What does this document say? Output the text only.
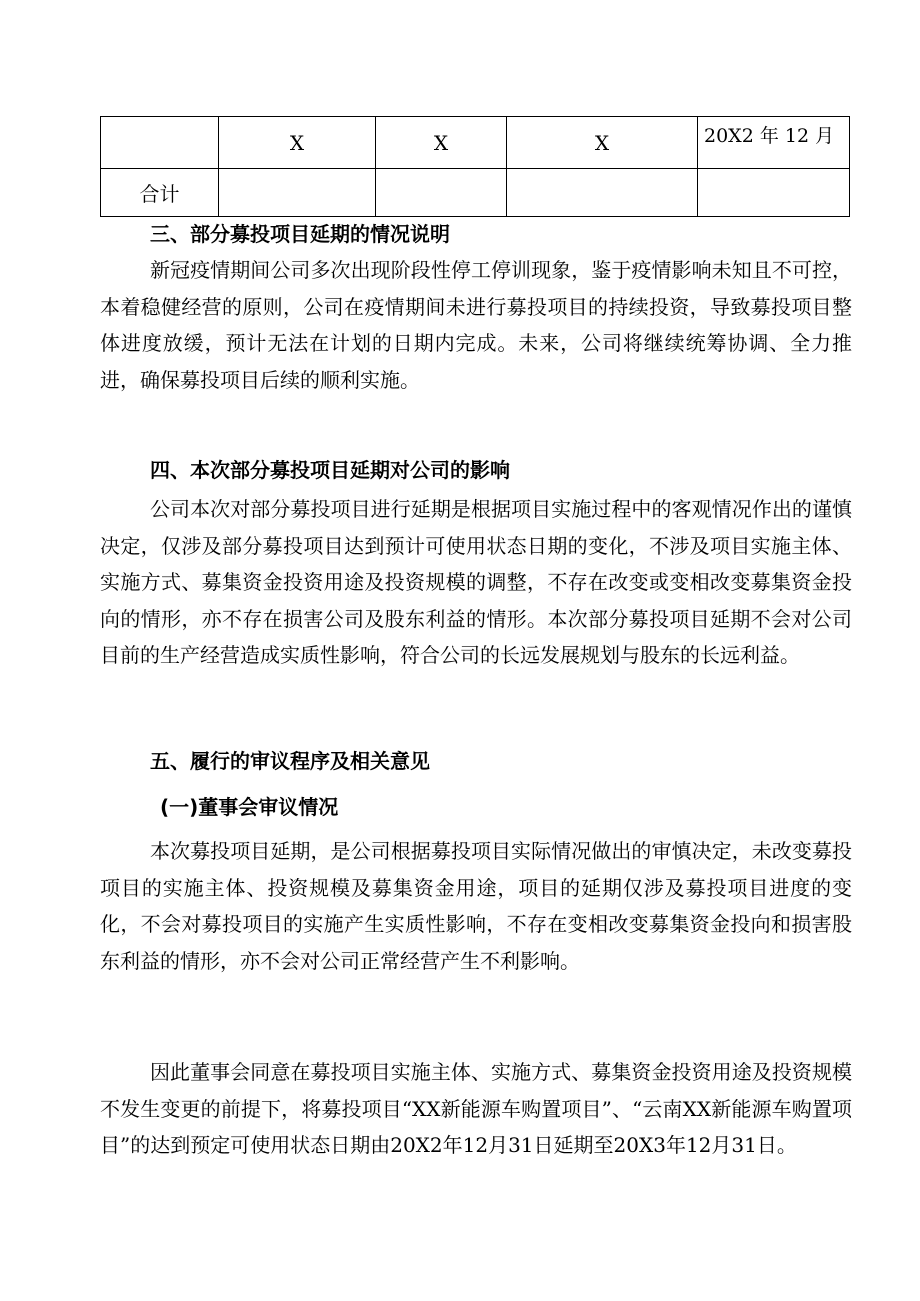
	X	X	X	20X2 年 12 月
合计				
三、部分募投项目延期的情况说明
新冠疫情期间公司多次出现阶段性停工停训现象，鉴于疫情影响未知且不可控，本着稳健经营的原则，公司在疫情期间未进行募投项目的持续投资，导致募投项目整体进度放缓，预计无法在计划的日期内完成。未来，公司将继续统筹协调、全力推进，确保募投项目后续的顺利实施。
四、本次部分募投项目延期对公司的影响
公司本次对部分募投项目进行延期是根据项目实施过程中的客观情况作出的谨慎决定，仅涉及部分募投项目达到预计可使用状态日期的变化，不涉及项目实施主体、实施方式、募集资金投资用途及投资规模的调整，不存在改变或变相改变募集资金投向的情形，亦不存在损害公司及股东利益的情形。本次部分募投项目延期不会对公司目前的生产经营造成实质性影响，符合公司的长远发展规划与股东的长远利益。
五、履行的审议程序及相关意见
(一)董事会审议情况
本次募投项目延期，是公司根据募投项目实际情况做出的审慎决定，未改变募投项目的实施主体、投资规模及募集资金用途，项目的延期仅涉及募投项目进度的变化，不会对募投项目的实施产生实质性影响，不存在变相改变募集资金投向和损害股东利益的情形，亦不会对公司正常经营产生不利影响。
因此董事会同意在募投项目实施主体、实施方式、募集资金投资用途及投资规模不发生变更的前提下，将募投项目“XX新能源车购置项目”、“云南XX新能源车购置项目”的达到预定可使用状态日期由20X2年12月31日延期至20X3年12月31日。
